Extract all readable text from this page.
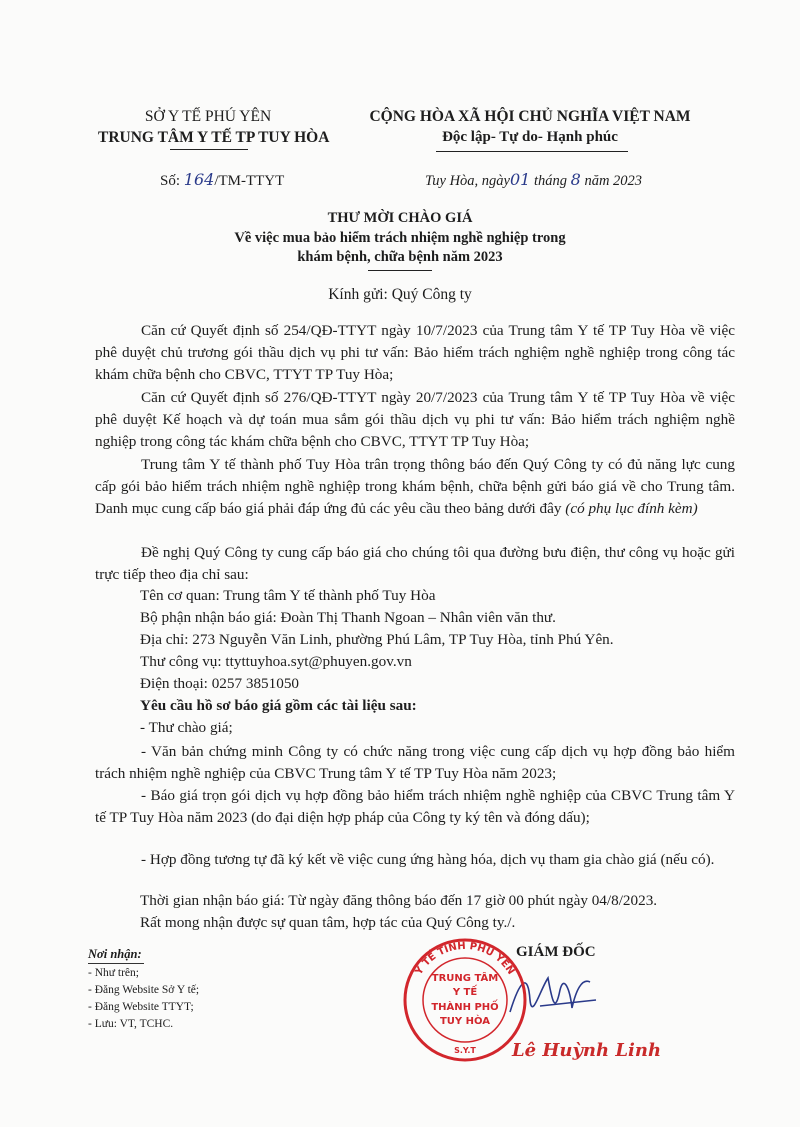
SỞ Y TẾ PHÚ YÊN
TRUNG TÂM Y TẾ TP TUY HÒA
CỘNG HÒA XÃ HỘI CHỦ NGHĨA VIỆT NAM
Độc lập- Tự do- Hạnh phúc
Số: 164/TM-TTYT	Tuy Hòa, ngày01 tháng 8 năm 2023
THƯ MỜI CHÀO GIÁ
Về việc mua bảo hiểm trách nhiệm nghề nghiệp trong
khám bệnh, chữa bệnh năm 2023
Kính gửi: Quý Công ty
Căn cứ Quyết định số 254/QĐ-TTYT ngày 10/7/2023 của Trung tâm Y tế TP Tuy Hòa về việc phê duyệt chủ trương gói thầu dịch vụ phi tư vấn: Bảo hiểm trách nghiệm nghề nghiệp trong công tác khám chữa bệnh cho CBVC, TTYT TP Tuy Hòa;
Căn cứ Quyết định số 276/QĐ-TTYT ngày 20/7/2023 của Trung tâm Y tế TP Tuy Hòa về việc phê duyệt Kế hoạch và dự toán mua sắm gói thầu dịch vụ phi tư vấn: Bảo hiểm trách nghiệm nghề nghiệp trong công tác khám chữa bệnh cho CBVC, TTYT TP Tuy Hòa;
Trung tâm Y tế thành phố Tuy Hòa trân trọng thông báo đến Quý Công ty có đủ năng lực cung cấp gói bảo hiểm trách nhiệm nghề nghiệp trong khám bệnh, chữa bệnh gửi báo giá về cho Trung tâm. Danh mục cung cấp báo giá phải đáp ứng đủ các yêu cầu theo bảng dưới đây (có phụ lục đính kèm)
Đề nghị Quý Công ty cung cấp báo giá cho chúng tôi qua đường bưu điện, thư công vụ hoặc gửi trực tiếp theo địa chỉ sau:
Tên cơ quan: Trung tâm Y tế thành phố Tuy Hòa
Bộ phận nhận báo giá: Đoàn Thị Thanh Ngoan – Nhân viên văn thư.
Địa chỉ: 273 Nguyễn Văn Linh, phường Phú Lâm, TP Tuy Hòa, tỉnh Phú Yên.
Thư công vụ: ttyttuyhoa.syt@phuyen.gov.vn
Điện thoại: 0257 3851050
Yêu cầu hồ sơ báo giá gồm các tài liệu sau:
- Thư chào giá;
- Văn bản chứng minh Công ty có chức năng trong việc cung cấp dịch vụ hợp đồng bảo hiểm trách nhiệm nghề nghiệp của CBVC Trung tâm Y tế TP Tuy Hòa năm 2023;
- Báo giá trọn gói dịch vụ hợp đồng bảo hiểm trách nhiệm nghề nghiệp của CBVC Trung tâm Y tế TP Tuy Hòa năm 2023 (do đại diện hợp pháp của Công ty ký tên và đóng dấu);
- Hợp đồng tương tự đã ký kết về việc cung ứng hàng hóa, dịch vụ tham gia chào giá (nếu có).
Thời gian nhận báo giá: Từ ngày đăng thông báo đến 17 giờ 00 phút ngày 04/8/2023.
Rất mong nhận được sự quan tâm, hợp tác của Quý Công ty./.
Nơi nhận:
- Như trên;
- Đăng Website Sở Y tế;
- Đăng Website TTYT;
- Lưu: VT, TCHC.
GIÁM ĐỐC
Y TẾ TỈNH PHÚ YÊN
TRUNG TÂM
Y TẾ
THÀNH PHỐ
TUY HÒA
S.Y.T Lê Huỳnh Linh
